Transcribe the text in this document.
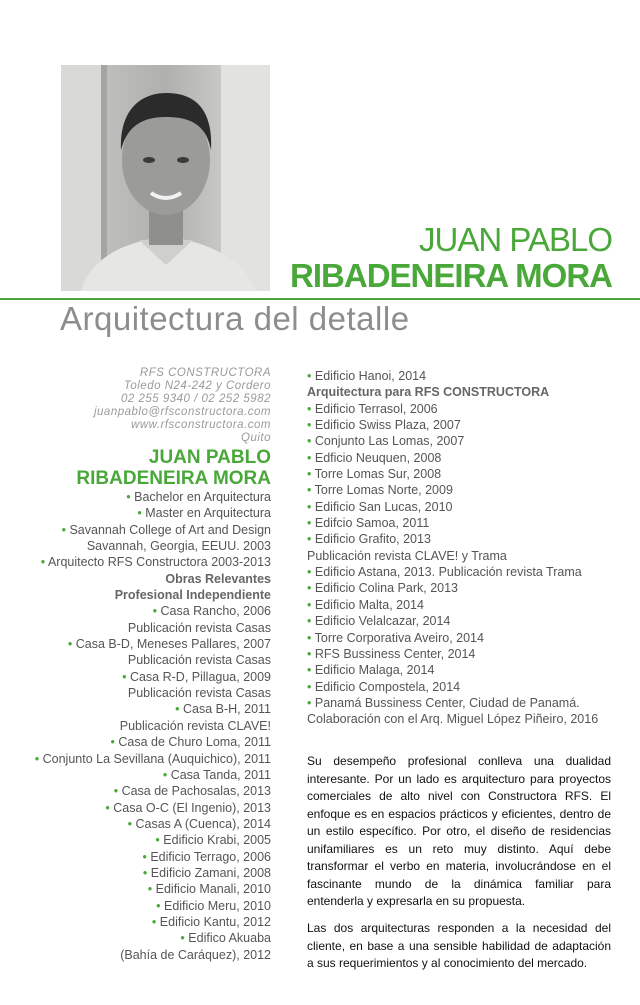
JUAN PABLO
RIBADENEIRA MORA
Arquitectura del detalle
RFS CONSTRUCTORA
Toledo N24-242 y Cordero
02 255 9340 / 02 252 5982
juanpablo@rfsconstructora.com
www.rfsconstructora.com
Quito
JUAN PABLO
RIBADENEIRA MORA
• Bachelor en Arquitectura
• Master en Arquitectura
• Savannah College of Art and Design
Savannah, Georgia, EEUU. 2003
• Arquitecto RFS Constructora 2003-2013
Obras Relevantes
Profesional Independiente
• Casa Rancho, 2006
Publicación revista Casas
• Casa B-D, Meneses Pallares, 2007
Publicación revista Casas
• Casa R-D, Pillagua, 2009
Publicación revista Casas
• Casa B-H, 2011
Publicación revista CLAVE!
• Casa de Churo Loma, 2011
• Conjunto La Sevillana (Auquichico), 2011
• Casa Tanda, 2011
• Casa de Pachosalas, 2013
• Casa O-C (El Ingenio), 2013
• Casas A (Cuenca), 2014
• Edificio Krabi, 2005
• Edificio Terrago, 2006
• Edificio Zamani, 2008
• Edificio Manali, 2010
• Edificio Meru, 2010
• Edificio Kantu, 2012
• Edifico Akuaba
(Bahía de Caráquez), 2012
• Edificio Hanoi, 2014
Arquitectura para RFS CONSTRUCTORA
• Edificio Terrasol, 2006
• Edificio Swiss Plaza, 2007
• Conjunto Las Lomas, 2007
• Edficio Neuquen, 2008
• Torre Lomas Sur, 2008
• Torre Lomas Norte, 2009
• Edificio San Lucas, 2010
• Edifcio Samoa, 2011
• Edificio Grafito, 2013
Publicación revista CLAVE! y Trama
• Edificio Astana, 2013. Publicación revista Trama
• Edificio Colina Park, 2013
• Edificio Malta, 2014
• Edificio Velalcazar, 2014
• Torre Corporativa Aveiro, 2014
• RFS Bussiness Center, 2014
• Edificio Malaga, 2014
• Edificio Compostela, 2014
• Panamá Bussiness Center, Ciudad de Panamá.
Colaboración con el Arq. Miguel López Piñeiro, 2016
Su desempeño profesional conlleva una dualidad interesante. Por un lado es arquitecturo para proyectos comerciales de alto nivel con Constructora RFS. El enfoque es en espacios prácticos y eficientes, dentro de un estilo específico. Por otro, el diseño de residencias unifamiliares es un reto muy distinto. Aquí debe transformar el verbo en materia, involucrándose en el fascinante mundo de la dinámica familiar para entenderla y expresarla en su propuesta.
Las dos arquitecturas responden a la necesidad del cliente, en base a una sensible habilidad de adaptación a sus requerimientos y al conocimiento del mercado.
